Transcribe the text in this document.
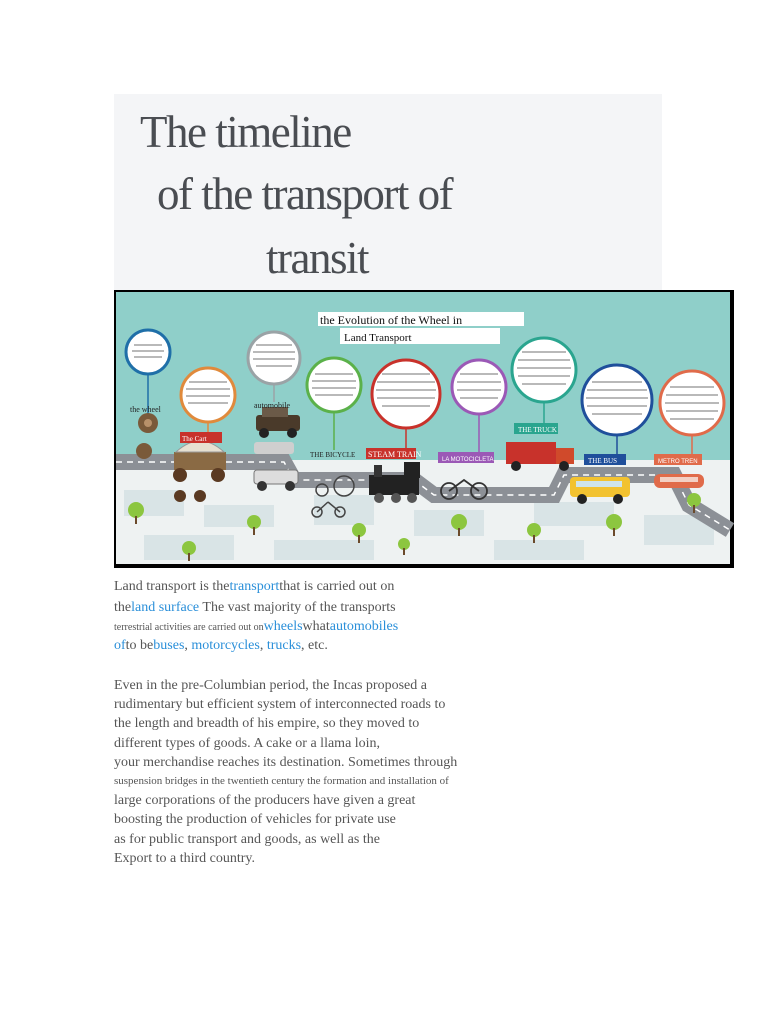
The timeline
of the transport of
transit
the Evolution of the Wheel in
Land Transport
the wheel
The Cart
automobile
THE BICYCLE STEAM TRAIN
LA MOTOCICLETA
THE TRUCK
THE BUS	METRO TREN
Land transport is thetransportthat is carried out on
theland surface The vast majority of the transports
terrestrial activities are carried out onwheelswhatautomobiles
ofto bebuses, motorcycles, trucks, etc.
Even in the pre-Columbian period, the Incas proposed a
rudimentary but efficient system of interconnected roads to
the length and breadth of his empire, so they moved to
different types of goods. A cake or a llama loin,
your merchandise reaches its destination. Sometimes through
suspension bridges in the twentieth century the formation and installation of
large corporations of the producers have given a great
boosting the production of vehicles for private use
as for public transport and goods, as well as the
Export to a third country.
